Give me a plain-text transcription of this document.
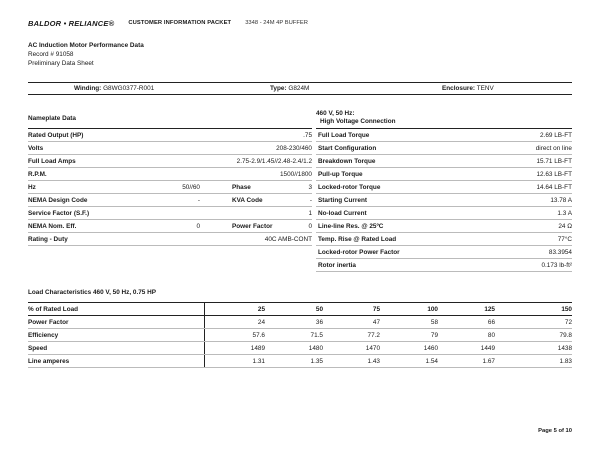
BALDOR • RELIANCE® CUSTOMER INFORMATION PACKET 3348 - 24M 4P BUFFER
AC Induction Motor Performance Data
Record # 91058
Preliminary Data Sheet
Winding: G8WG0377-R001	Type: G824M	Enclosure: TENV
Nameplate Data
Rated Output (HP)	.75
Volts	208-230/460
Full Load Amps	2.75-2.9/1.45//2.48-2.4/1.2
R.P.M.	1500//1800
Hz	50//60	Phase	3
NEMA Design Code	-	KVA Code	-
Service Factor (S.F.)	1
NEMA Nom. Eff.	0	Power Factor	0
Rating - Duty	40C AMB-CONT
460 V, 50 Hz:
High Voltage Connection
Full Load Torque	2.69 LB-FT
Start Configuration	direct on line
Breakdown Torque	15.71 LB-FT
Pull-up Torque	12.63 LB-FT
Locked-rotor Torque	14.64 LB-FT
Starting Current	13.78 A
No-load Current	1.3 A
Line-line Res. @ 25ºC	24 Ω
Temp. Rise @ Rated Load	77°C
Locked-rotor Power Factor	83.3954
Rotor inertia	0.173 lb-ft²
Load Characteristics 460 V, 50 Hz, 0.75 HP
% of Rated Load	25	50	75	100	125	150
Power Factor	24	36	47	58	66	72
Efficiency	57.6	71.5	77.2	79	80	79.8
Speed	1489	1480	1470	1460	1449	1438
Line amperes	1.31	1.35	1.43	1.54	1.67	1.83
Page 5 of 10
